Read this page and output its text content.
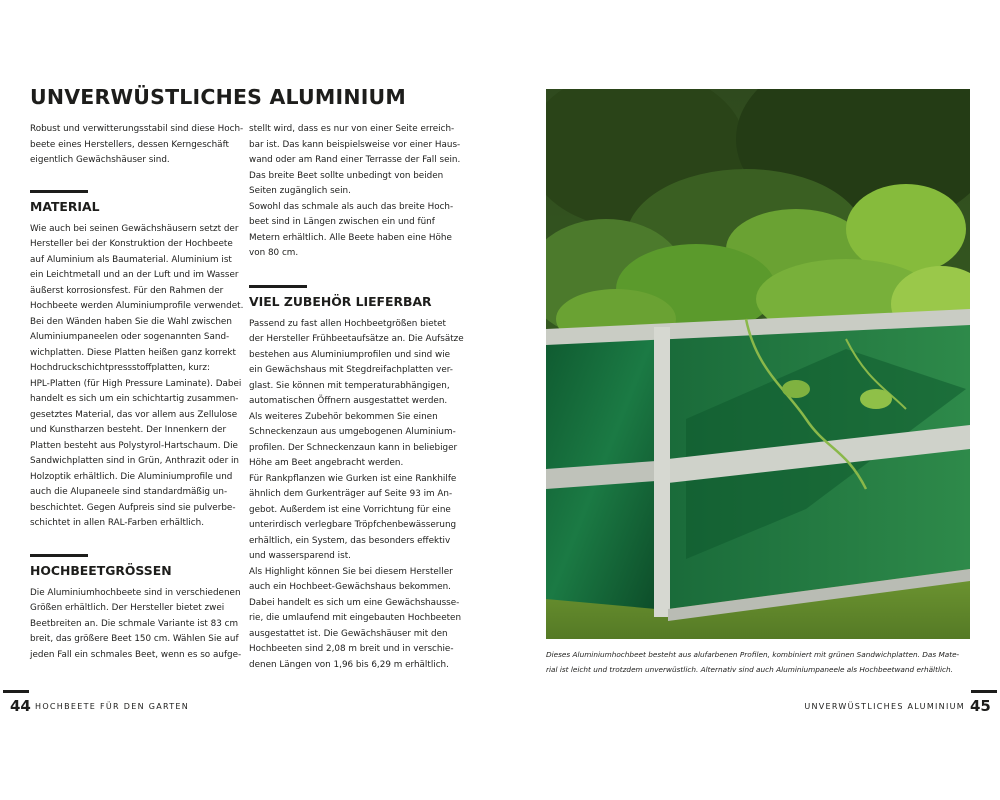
UNVERWÜSTLICHES ALUMINIUM

Robust und verwitterungsstabil sind diese Hoch-

beete eines Herstellers, dessen Kerngeschäft

eigentlich Gewächshäuser sind.

MATERIAL

Wie auch bei seinen Gewächshäusern setzt der

Hersteller bei der Konstruktion der Hochbeete

auf Aluminium als Baumaterial. Aluminium ist

ein Leichtmetall und an der Luft und im Wasser

äußerst korrosionsfest. Für den Rahmen der

Hochbeete werden Aluminiumprofile verwendet.

Bei den Wänden haben Sie die Wahl zwischen

Aluminiumpaneelen oder sogenannten Sand-

wichplatten. Diese Platten heißen ganz korrekt

Hochdruckschichtpressstoffplatten, kurz:

HPL-Platten (für High Pressure Laminate). Dabei

handelt es sich um ein schichtartig zusammen-

gesetztes Material, das vor allem aus Zellulose

und Kunstharzen besteht. Der Innenkern der

Platten besteht aus Polystyrol-Hartschaum. Die

Sandwichplatten sind in Grün, Anthrazit oder in

Holzoptik erhältlich. Die Aluminiumprofile und

auch die Alupaneele sind standardmäßig un-

beschichtet. Gegen Aufpreis sind sie pulverbe-

schichtet in allen RAL-Farben erhältlich.

HOCHBEETGRÖSSEN

Die Aluminiumhochbeete sind in verschiedenen

Größen erhältlich. Der Hersteller bietet zwei

Beetbreiten an. Die schmale Variante ist 83 cm

breit, das größere Beet 150 cm. Wählen Sie auf

jeden Fall ein schmales Beet, wenn es so aufge-

stellt wird, dass es nur von einer Seite erreich-

bar ist. Das kann beispielsweise vor einer Haus-

wand oder am Rand einer Terrasse der Fall sein.

Das breite Beet sollte unbedingt von beiden

Seiten zugänglich sein.

Sowohl das schmale als auch das breite Hoch-

beet sind in Längen zwischen ein und fünf

Metern erhältlich. Alle Beete haben eine Höhe

von 80 cm.

VIEL ZUBEHÖR LIEFERBAR

Passend zu fast allen Hochbeetgrößen bietet

der Hersteller Frühbeetaufsätze an. Die Aufsätze

bestehen aus Aluminiumprofilen und sind wie

ein Gewächshaus mit Stegdreifachplatten ver-

glast. Sie können mit temperaturabhängigen,

automatischen Öffnern ausgestattet werden.

Als weiteres Zubehör bekommen Sie einen

Schneckenzaun aus umgebogenen Aluminium-

profilen. Der Schneckenzaun kann in beliebiger

Höhe am Beet angebracht werden.

Für Rankpflanzen wie Gurken ist eine Rankhilfe

ähnlich dem Gurkenträger auf Seite 93 im An-

gebot. Außerdem ist eine Vorrichtung für eine

unterirdisch verlegbare Tröpfchenbewässerung

erhältlich, ein System, das besonders effektiv

und wassersparend ist.

Als Highlight können Sie bei diesem Hersteller

auch ein Hochbeet-Gewächshaus bekommen.

Dabei handelt es sich um eine Gewächshausse-

rie, die umlaufend mit eingebauten Hochbeeten

ausgestattet ist. Die Gewächshäuser mit den

Hochbeeten sind 2,08 m breit und in verschie-

denen Längen von 1,96 bis 6,29 m erhältlich.

Dieses Aluminiumhochbeet besteht aus alufarbenen Profilen, kombiniert mit grünen Sandwichplatten. Das Mate-
rial ist leicht und trotzdem unverwüstlich. Alternativ sind auch Aluminiumpaneele als Hochbeetwand erhältlich.
44 HOCHBEETE FÜR DEN GARTEN	UNVERWÜSTLICHES ALUMINIUM 45
